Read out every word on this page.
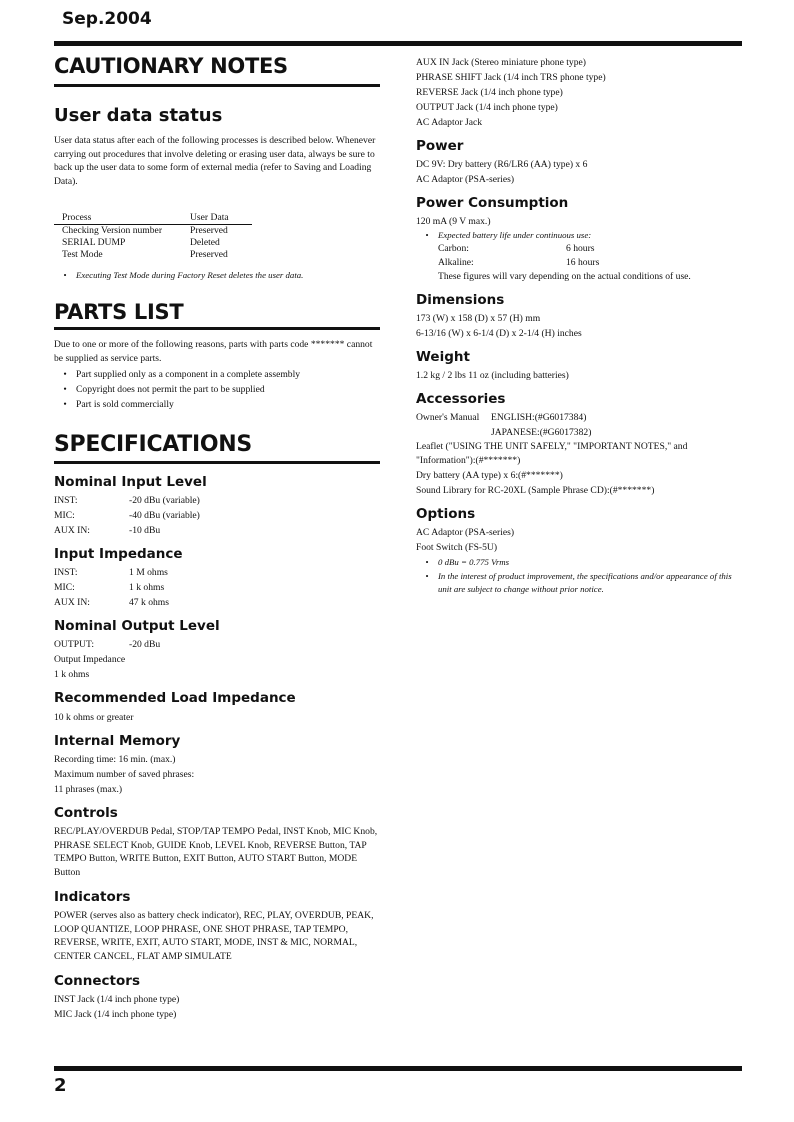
Sep.2004
CAUTIONARY NOTES
User data status

User data status after each of the following processes is described below. Whenever carrying out procedures that involve deleting or erasing user data, always be sure to back up the user data to some form of external media (refer to Saving and Loading Data).

Process	User Data
Checking Version number	Preserved
SERIAL DUMP	Deleted
Test Mode	Preserved
•	Executing Test Mode during Factory Reset deletes the user data.
PARTS LIST

Due to one or more of the following reasons, parts with parts code ******* cannot be supplied as service parts.

• Part supplied only as a component in a complete assembly
• Copyright does not permit the part to be supplied
• Part is sold commercially
SPECIFICATIONS
Nominal Input Level
INST:	-20 dBu (variable)
MIC:	-40 dBu (variable)
AUX IN:	-10 dBu
Input Impedance
INST:	1 M ohms
MIC:	1 k ohms
AUX IN:	47 k ohms
Nominal Output Level
OUTPUT:	-20 dBu
Output Impedance
1 k ohms
Recommended Load Impedance
10 k ohms or greater
Internal Memory
Recording time: 16 min. (max.)
Maximum number of saved phrases:
11 phrases (max.)
Controls

REC/PLAY/OVERDUB Pedal, STOP/TAP TEMPO Pedal, INST Knob, MIC Knob, PHRASE SELECT Knob, GUIDE Knob, LEVEL Knob, REVERSE Button, TAP TEMPO Button, WRITE Button, EXIT Button, AUTO START Button, MODE Button

Indicators

POWER (serves also as battery check indicator), REC, PLAY, OVERDUB, PEAK, LOOP QUANTIZE, LOOP PHRASE, ONE SHOT PHRASE, TAP TEMPO, REVERSE, WRITE, EXIT, AUTO START, MODE, INST & MIC, NORMAL, CENTER CANCEL, FLAT AMP SIMULATE

Connectors
INST Jack (1/4 inch phone type)
MIC Jack (1/4 inch phone type)
AUX IN Jack (Stereo miniature phone type)
PHRASE SHIFT Jack (1/4 inch TRS phone type)
REVERSE Jack (1/4 inch phone type)
OUTPUT Jack (1/4 inch phone type)
AC Adaptor Jack
Power
DC 9V: Dry battery (R6/LR6 (AA) type) x 6
AC Adaptor (PSA-series)
Power Consumption
120 mA (9 V max.)
•	Expected battery life under continuous use:
Carbon:	6 hours
Alkaline:	16 hours
These figures will vary depending on the actual conditions of use.
Dimensions
173 (W) x 158 (D) x 57 (H) mm
6-13/16 (W) x 6-1/4 (D) x 2-1/4 (H) inches
Weight
1.2 kg / 2 lbs 11 oz (including batteries)
Accessories
Owner's Manual	ENGLISH:(#G6017384)
JAPANESE:(#G6017382)

Leaflet ("USING THE UNIT SAFELY," "IMPORTANT NOTES," and "Information"):(#*******)

Dry battery (AA type) x 6:(#*******)
Sound Library for RC-20XL (Sample Phrase CD):(#*******)
Options
AC Adaptor (PSA-series)
Foot Switch (FS-5U)
•	0 dBu = 0.775 Vrms
•	In the interest of product improvement, the specifications and/or appearance of this unit are subject to change without prior notice.
2
